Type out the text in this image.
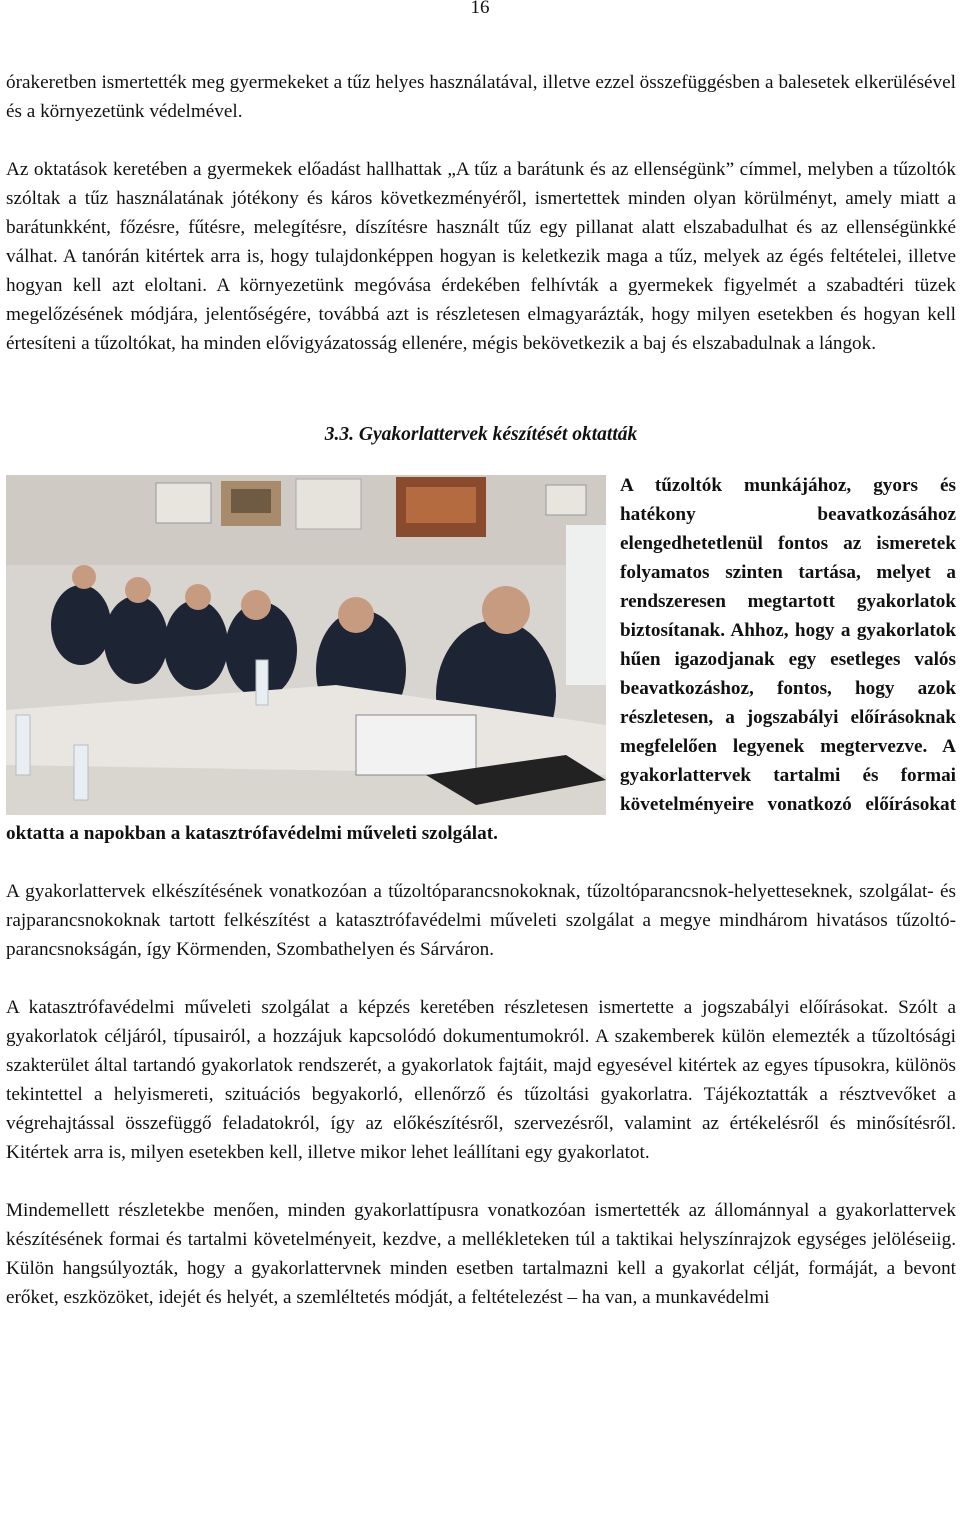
16

órakeretben ismertették meg gyermekeket a tűz helyes használatával, illetve ezzel összefüggésben a balesetek elkerülésével és a környezetünk védelmével.

Az oktatások keretében a gyermekek előadást hallhattak „A tűz a barátunk és az ellenségünk” címmel, melyben a tűzoltók szóltak a tűz használatának jótékony és káros következményéről, ismertettek minden olyan körülményt, amely miatt a barátunkként, főzésre, fűtésre, melegítésre, díszítésre használt tűz egy pillanat alatt elszabadulhat és az ellenségünkké válhat. A tanórán kitértek arra is, hogy tulajdonképpen hogyan is keletkezik maga a tűz, melyek az égés feltételei, illetve hogyan kell azt eloltani. A környezetünk megóvása érdekében felhívták a gyermekek figyelmét a szabadtéri tüzek megelőzésének módjára, jelentőségére, továbbá azt is részletesen elmagyarázták, hogy milyen esetekben és hogyan kell értesíteni a tűzoltókat, ha minden elővigyázatosság ellenére, mégis bekövetkezik a baj és elszabadulnak a lángok.

3.3. Gyakorlattervek készítését oktatták

A tűzoltók munkájához, gyors és hatékony beavatkozásához elengedhetetlenül fontos az ismeretek folyamatos szinten tartása, melyet a rendszeresen megtartott gyakorlatok biztosítanak. Ahhoz, hogy a gyakorlatok hűen igazodjanak egy esetleges valós beavatkozáshoz, fontos, hogy azok részletesen, a jogszabályi előírásoknak megfelelően legyenek megtervezve. A gyakorlattervek tartalmi és formai követelményeire vonatkozó előírásokat oktatta a napokban a katasztrófavédelmi műveleti szolgálat.

A gyakorlattervek elkészítésének vonatkozóan a tűzoltóparancsnokoknak, tűzoltóparancsnok-helyetteseknek, szolgálat- és rajparancsnokoknak tartott felkészítést a katasztrófavédelmi műveleti szolgálat a megye mindhárom hivatásos tűzoltó-parancsnokságán, így Körmenden, Szombathelyen és Sárváron.

A katasztrófavédelmi műveleti szolgálat a képzés keretében részletesen ismertette a jogszabályi előírásokat. Szólt a gyakorlatok céljáról, típusairól, a hozzájuk kapcsolódó dokumentumokról. A szakemberek külön elemezték a tűzoltósági szakterület által tartandó gyakorlatok rendszerét, a gyakorlatok fajtáit, majd egyesével kitértek az egyes típusokra, különös tekintettel a helyismereti, szituációs begyakorló, ellenőrző és tűzoltási gyakorlatra. Tájékoztatták a résztvevőket a végrehajtással összefüggő feladatokról, így az előkészítésről, szervezésről, valamint az értékelésről és minősítésről. Kitértek arra is, milyen esetekben kell, illetve mikor lehet leállítani egy gyakorlatot.

Mindemellett részletekbe menően, minden gyakorlattípusra vonatkozóan ismertették az állománnyal a gyakorlattervek készítésének formai és tartalmi követelményeit, kezdve, a mellékleteken túl a taktikai helyszínrajzok egységes jelöléseiig. Külön hangsúlyozták, hogy a gyakorlattervnek minden esetben tartalmazni kell a gyakorlat célját, formáját, a bevont erőket, eszközöket, idejét és helyét, a szemléltetés módját, a feltételezést – ha van, a munkavédelmi
